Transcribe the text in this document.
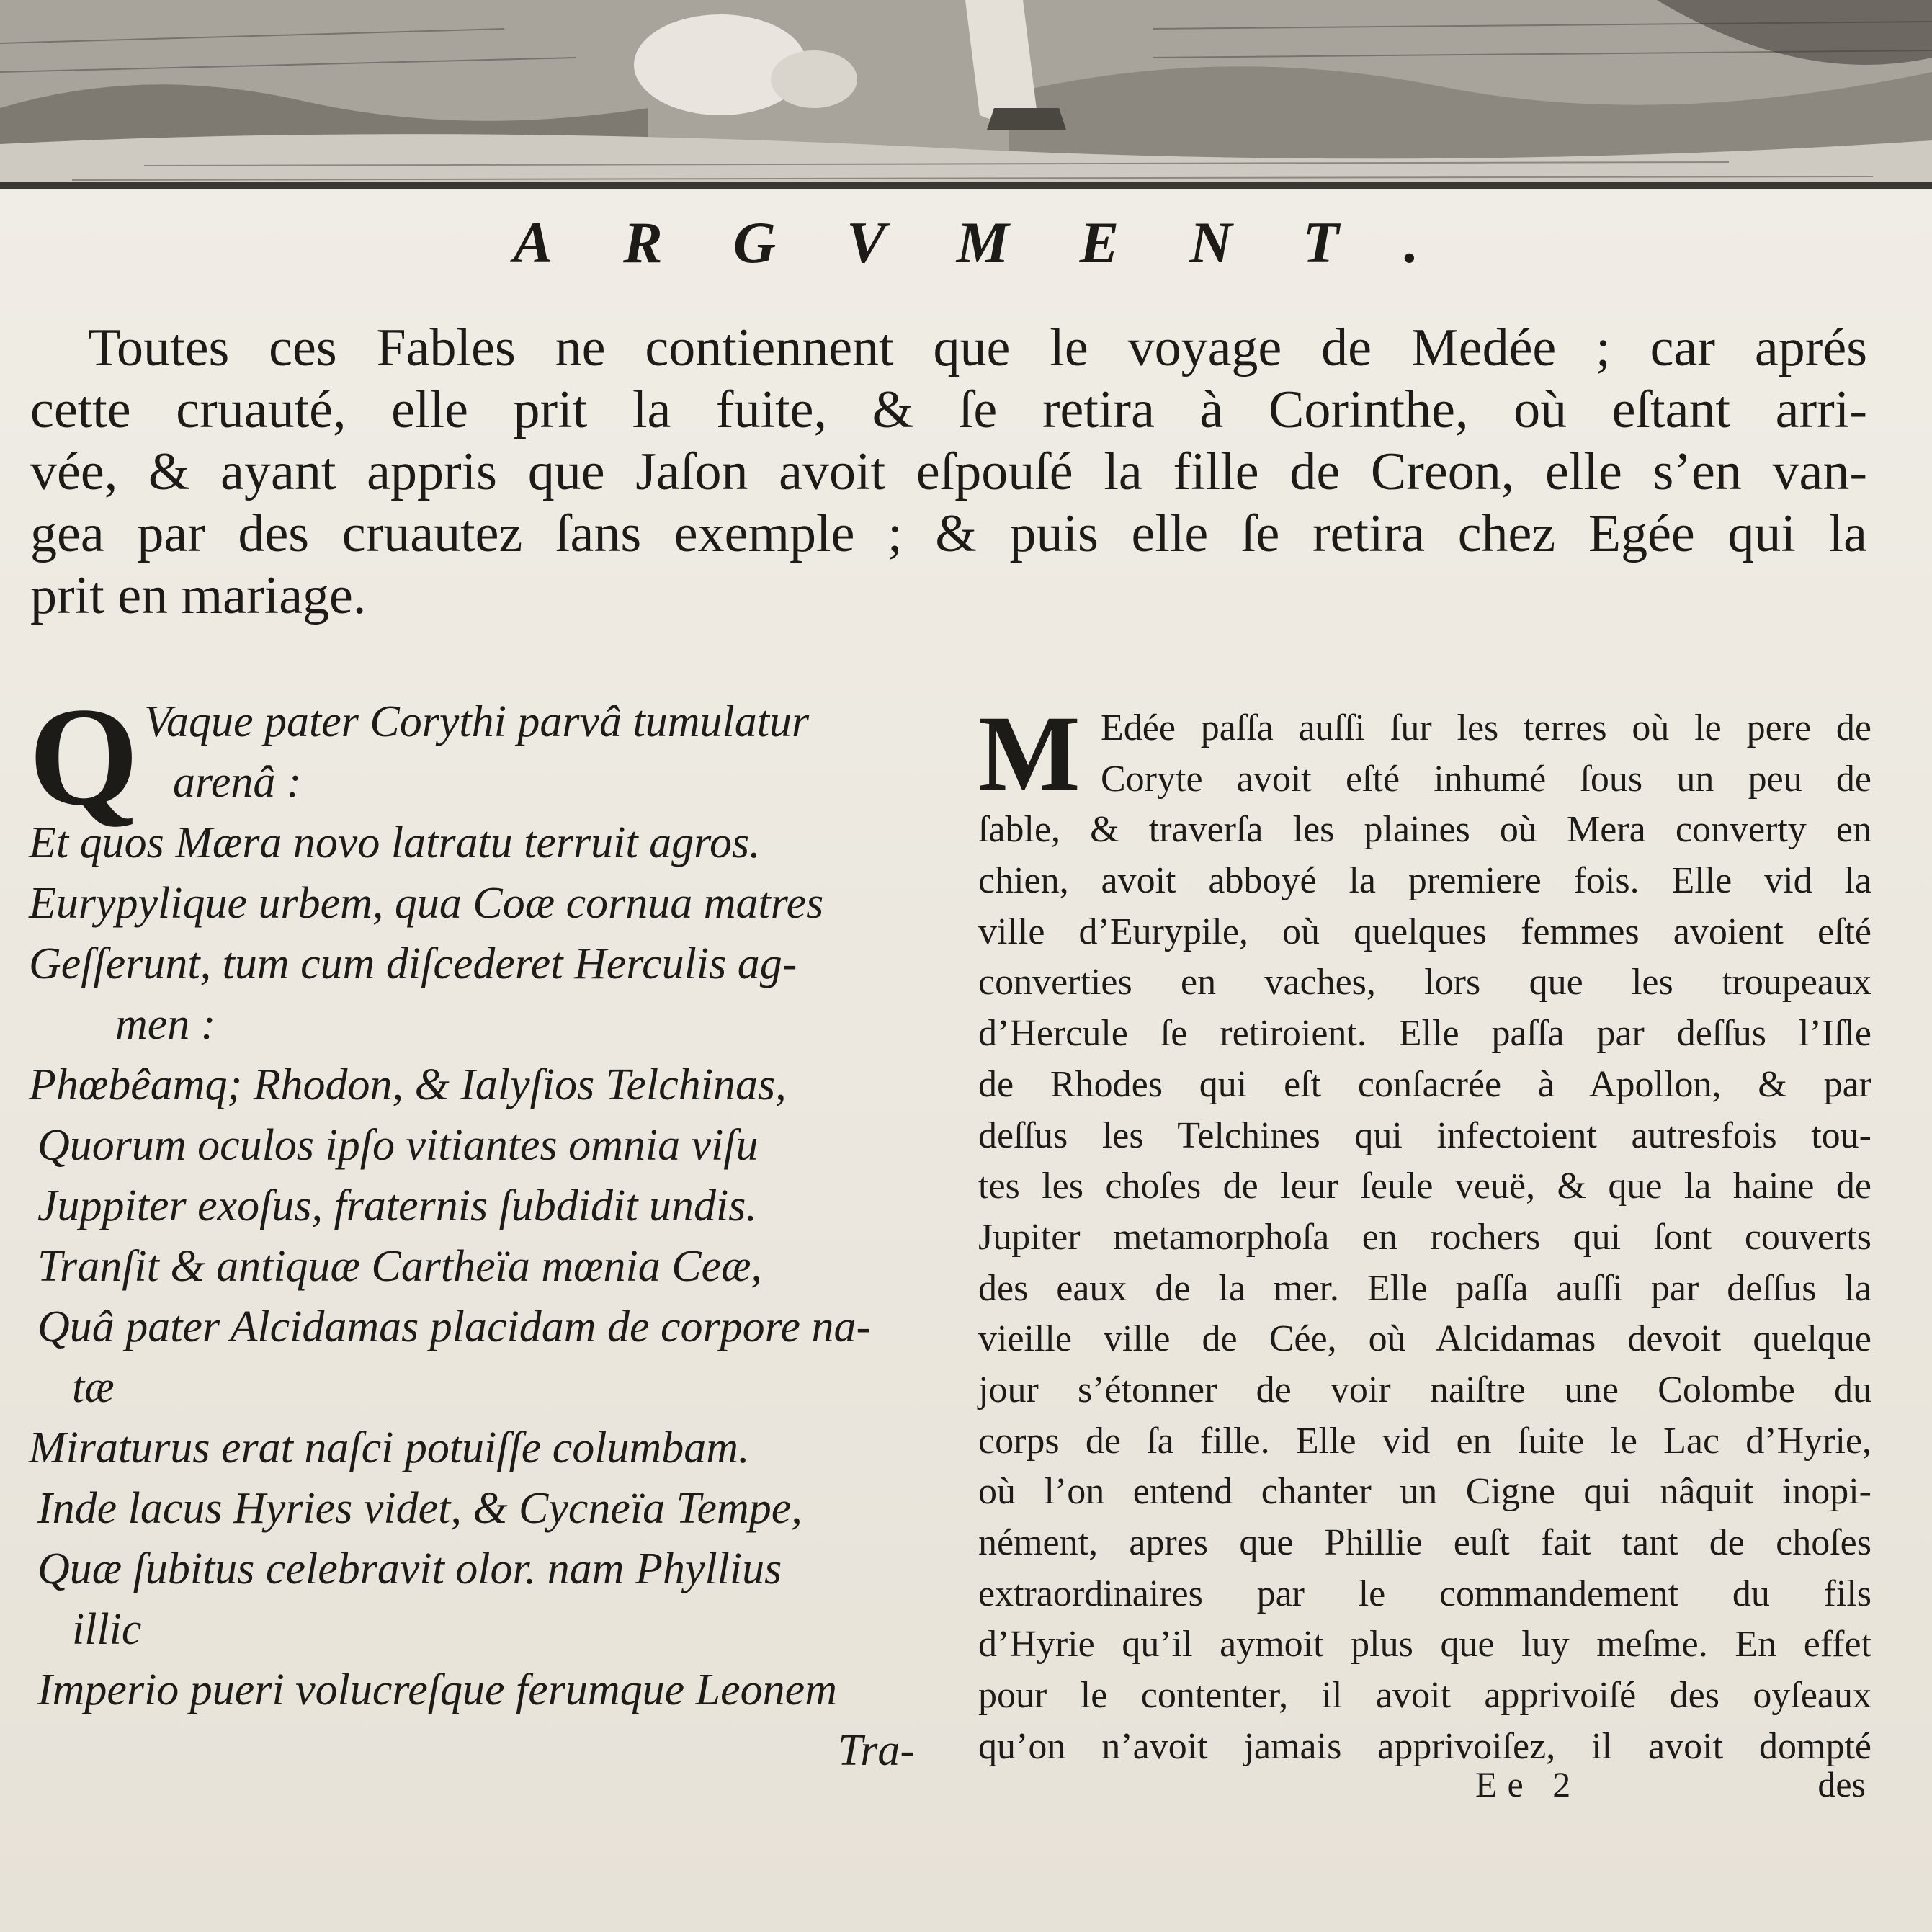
ARGVMENT.
Toutes ces Fables ne contiennent que le voyage de Medée ; car aprés
cette cruauté, elle prit la fuite, & ſe retira à Corinthe, où eſtant arri-
vée, & ayant appris que Jaſon avoit eſpouſé la fille de Creon, elle s’en van-
gea par des cruautez ſans exemple ; & puis elle ſe retira chez Egée qui la
prit en mariage.
Q Vaque pater Corythi parvâ tumulatur
arenâ :
Et quos Mæra novo latratu terruit agros.
Eurypylique urbem, qua Coæ cornua matres
Geſſerunt, tum cum diſcederet Herculis ag-
men :
Phœbêamq; Rhodon, & Ialyſios Telchinas,
Quorum oculos ipſo vitiantes omnia viſu
Juppiter exoſus, fraternis ſubdidit undis.
Tranſit & antiquæ Cartheïa mœnia Ceæ,
Quâ pater Alcidamas placidam de corpore na-
tæ
Miraturus erat naſci potuiſſe columbam.
Inde lacus Hyries videt, & Cycneïa Tempe,
Quæ ſubitus celebravit olor. nam Phyllius
illic
Imperio pueri volucreſque ferumque Leonem
Tra-
M Edée paſſa auſſi ſur les terres où le pere de
Coryte avoit eſté inhumé ſous un peu de
ſable, & traverſa les plaines où Mera converty en
chien, avoit abboyé la premiere fois. Elle vid la
ville d’Eurypile, où quelques femmes avoient eſté
converties en vaches, lors que les troupeaux
d’Hercule ſe retiroient. Elle paſſa par deſſus l’Iſle
de Rhodes qui eſt conſacrée à Apollon, & par
deſſus les Telchines qui infectoient autresfois tou-
tes les choſes de leur ſeule veuë, & que la haine de
Jupiter metamorphoſa en rochers qui ſont couverts
des eaux de la mer. Elle paſſa auſſi par deſſus la
vieille ville de Cée, où Alcidamas devoit quelque
jour s’étonner de voir naiſtre une Colombe du
corps de ſa fille. Elle vid en ſuite le Lac d’Hyrie,
où l’on entend chanter un Cigne qui nâquit inopi-
nément, apres que Phillie euſt fait tant de choſes
extraordinaires par le commandement du fils
d’Hyrie qu’il aymoit plus que luy meſme. En effet
pour le contenter, il avoit apprivoiſé des oyſeaux
qu’on n’avoit jamais apprivoiſez, il avoit dompté
Ee 2	des
